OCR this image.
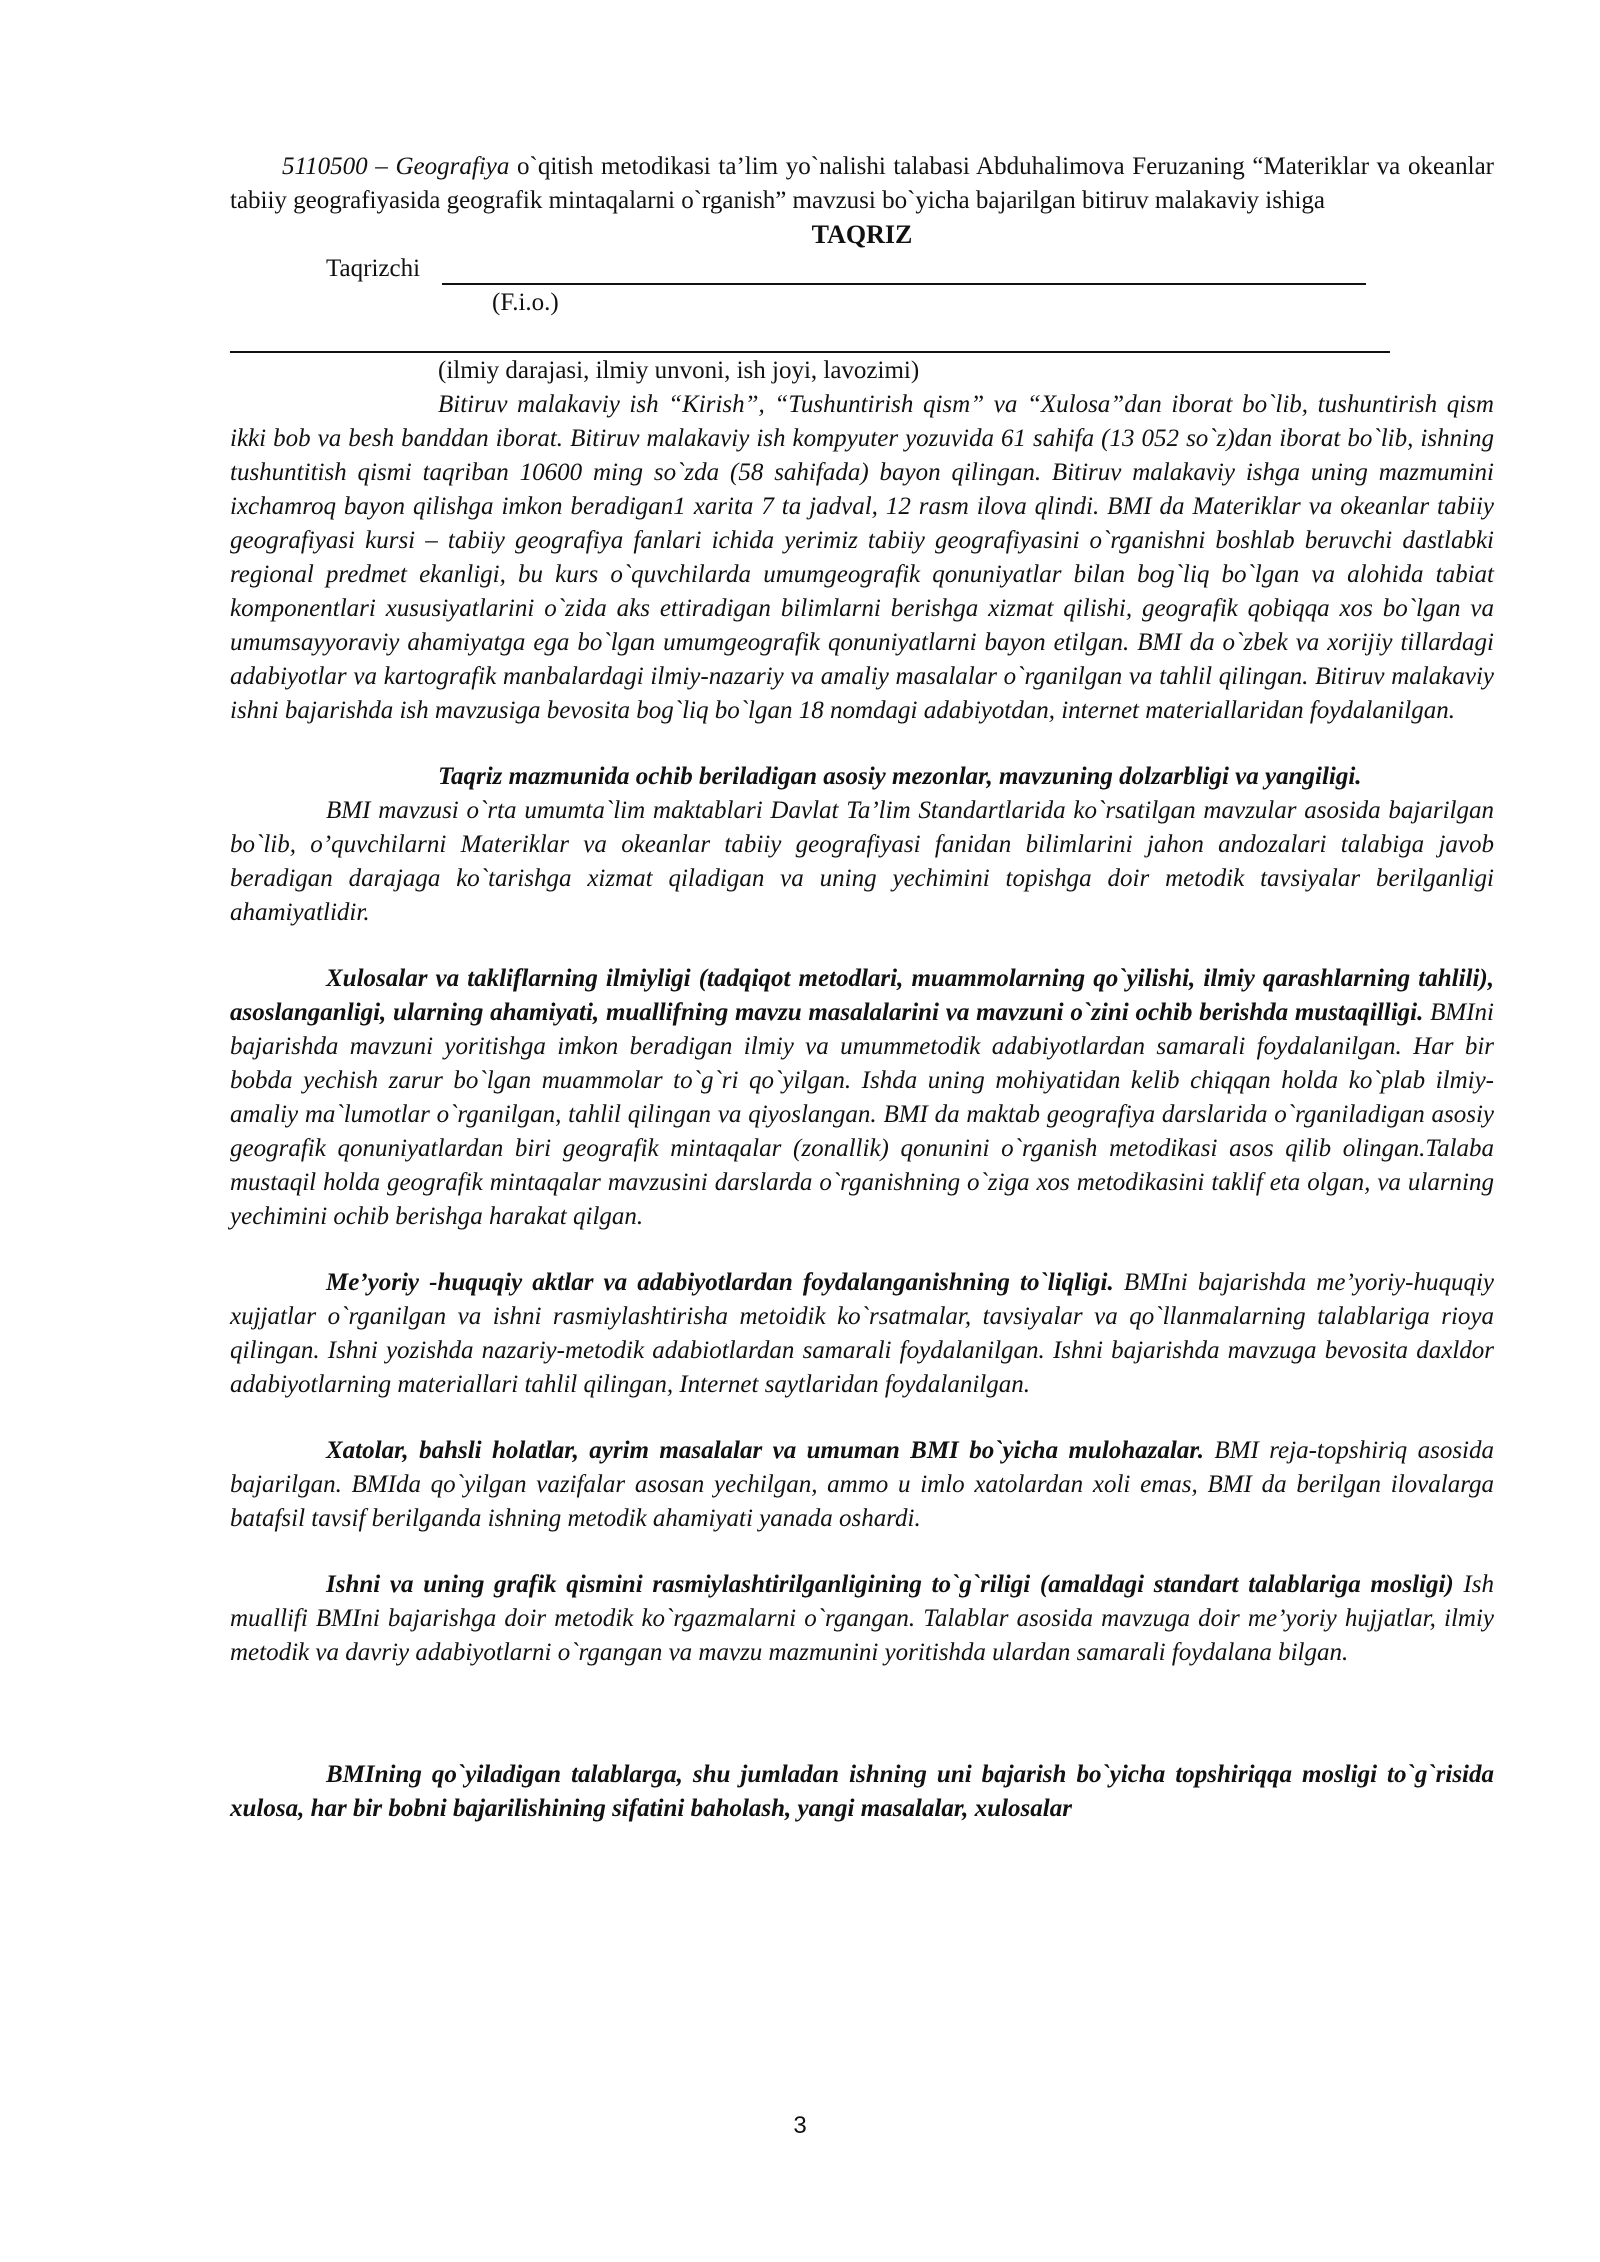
5110500 – Geografiya o`qitish metodikasi ta’lim yo`nalishi talabasi Abduhalimova Feruzaning “Materiklar va okeanlar tabiiy geografiyasida geografik mintaqalarni o`rganish” mavzusi bo`yicha bajarilgan bitiruv malakaviy ishiga

TAQRIZ

Taqrizchi

(F.i.o.)

(ilmiy darajasi, ilmiy unvoni, ish joyi, lavozimi)

Bitiruv malakaviy ish “Kirish”, “Tushuntirish qism” va “Xulosa”dan iborat bo`lib, tushuntirish qism ikki bob va besh banddan iborat. Bitiruv malakaviy ish kompyuter yozuvida 61 sahifa (13 052 so`z)dan iborat bo`lib, ishning tushuntitish qismi taqriban 10600 ming so`zda (58 sahifada) bayon qilingan. Bitiruv malakaviy ishga uning mazmumini ixchamroq bayon qilishga imkon beradigan1 xarita 7 ta jadval, 12 rasm ilova qlindi. BMI da Materiklar va okeanlar tabiiy geografiyasi kursi – tabiiy geografiya fanlari ichida yerimiz tabiiy geografiyasini o`rganishni boshlab beruvchi dastlabki regional predmet ekanligi, bu kurs o`quvchilarda umumgeografik qonuniyatlar bilan bog`liq bo`lgan va alohida tabiat komponentlari xususiyatlarini o`zida aks ettiradigan bilimlarni berishga xizmat qilishi, geografik qobiqqa xos bo`lgan va umumsayyoraviy ahamiyatga ega bo`lgan umumgeografik qonuniyatlarni bayon etilgan. BMI da o`zbek va xorijiy tillardagi adabiyotlar va kartografik manbalardagi ilmiy-nazariy va amaliy masalalar o`rganilgan va tahlil qilingan. Bitiruv malakaviy ishni bajarishda ish mavzusiga bevosita bog`liq bo`lgan 18 nomdagi adabiyotdan, internet materiallaridan foydalanilgan.

Taqriz mazmunida ochib beriladigan asosiy mezonlar, mavzuning dolzarbligi va yangiligi.

BMI mavzusi o`rta umumta`lim maktablari Davlat Ta’lim Standartlarida ko`rsatilgan mavzular asosida bajarilgan bo`lib, o’quvchilarni Materiklar va okeanlar tabiiy geografiyasi fanidan bilimlarini jahon andozalari talabiga javob beradigan darajaga ko`tarishga xizmat qiladigan va uning yechimini topishga doir metodik tavsiyalar berilganligi ahamiyatlidir.

Xulosalar va takliflarning ilmiyligi (tadqiqot metodlari, muammolarning qo`yilishi, ilmiy qarashlarning tahlili), asoslanganligi, ularning ahamiyati, muallifning mavzu masalalarini va mavzuni o`zini ochib berishda mustaqilligi. BMIni bajarishda mavzuni yoritishga imkon beradigan ilmiy va umummetodik adabiyotlardan samarali foydalanilgan. Har bir bobda yechish zarur bo`lgan muammolar to`g`ri qo`yilgan. Ishda uning mohiyatidan kelib chiqqan holda ko`plab ilmiy-amaliy ma`lumotlar o`rganilgan, tahlil qilingan va qiyoslangan. BMI da maktab geografiya darslarida o`rganiladigan asosiy geografik qonuniyatlardan biri geografik mintaqalar (zonallik) qonunini o`rganish metodikasi asos qilib olingan.Talaba mustaqil holda geografik mintaqalar mavzusini darslarda o`rganishning o`ziga xos metodikasini taklif eta olgan, va ularning yechimini ochib berishga harakat qilgan.

Me’yoriy -huquqiy aktlar va adabiyotlardan foydalanganishning to`liqligi. BMIni bajarishda me’yoriy-huquqiy xujjatlar o`rganilgan va ishni rasmiylashtirisha metoidik ko`rsatmalar, tavsiyalar va qo`llanmalarning talablariga rioya qilingan. Ishni yozishda nazariy-metodik adabiotlardan samarali foydalanilgan. Ishni bajarishda mavzuga bevosita daxldor adabiyotlarning materiallari tahlil qilingan, Internet saytlaridan foydalanilgan.

Xatolar, bahsli holatlar, ayrim masalalar va umuman BMI bo`yicha mulohazalar. BMI reja-topshiriq asosida bajarilgan. BMIda qo`yilgan vazifalar asosan yechilgan, ammo u imlo xatolardan xoli emas, BMI da berilgan ilovalarga batafsil tavsif berilganda ishning metodik ahamiyati yanada oshardi.

Ishni va uning grafik qismini rasmiylashtirilganligining to`g`riligi (amaldagi standart talablariga mosligi) Ish muallifi BMIni bajarishga doir metodik ko`rgazmalarni o`rgangan. Talablar asosida mavzuga doir me’yoriy hujjatlar, ilmiy metodik va davriy adabiyotlarni o`rgangan va mavzu mazmunini yoritishda ulardan samarali foydalana bilgan.

BMIning qo`yiladigan talablarga, shu jumladan ishning uni bajarish bo`yicha topshiriqqa mosligi to`g`risida xulosa, har bir bobni bajarilishining sifatini baholash, yangi masalalar, xulosalar

3
